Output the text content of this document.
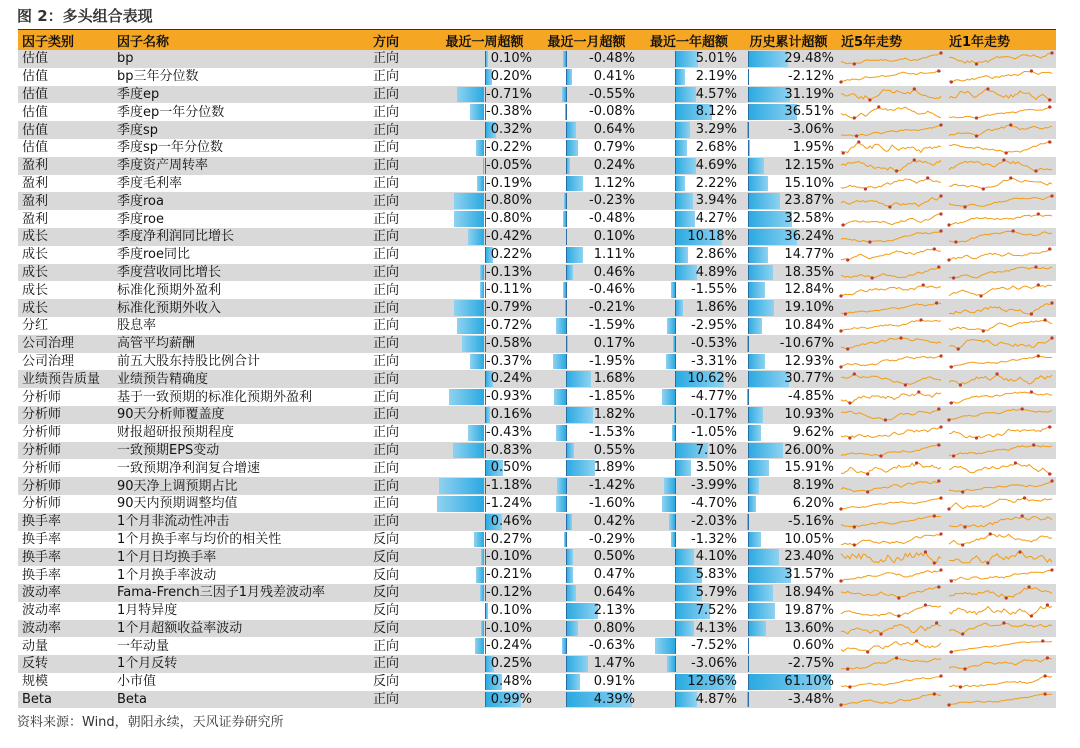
图 2：多头组合表现
因子类别	因子名称	方向	最近一周超额	最近一月超额	最近一年超额	历史累计超额	近5年走势	近1年走势
估值	bp	正向	0.10%	-0.48%	5.01%	29.48%

估值	bp三年分位数	正向	0.20%	0.41%	2.19%	-2.12%

估值	季度ep	正向	-0.71%	-0.55%	4.57%	31.19%

估值	季度ep一年分位数	正向	-0.38%	-0.08%	8.12%	36.51%

估值	季度sp	正向	0.32%	0.64%	3.29%	-3.06%

估值	季度sp一年分位数	正向	-0.22%	0.79%	2.68%	1.95%

盈利	季度资产周转率	正向	-0.05%	0.24%	4.69%	12.15%

盈利	季度毛利率	正向	-0.19%	1.12%	2.22%	15.10%

盈利	季度roa	正向	-0.80%	-0.23%	3.94%	23.87%

盈利	季度roe	正向	-0.80%	-0.48%	4.27%	32.58%

成长	季度净利润同比增长	正向	-0.42%	0.10%	10.18%	36.24%

成长	季度roe同比	正向	0.22%	1.11%	2.86%	14.77%

成长	季度营收同比增长	正向	-0.13%	0.46%	4.89%	18.35%

成长	标准化预期外盈利	正向	-0.11%	-0.46%	-1.55%	12.84%

成长	标准化预期外收入	正向	-0.79%	-0.21%	1.86%	19.10%

分红	股息率	正向	-0.72%	-1.59%	-2.95%	10.84%

公司治理	高管平均薪酬	正向	-0.58%	0.17%	-0.53%	-10.67%

公司治理	前五大股东持股比例合计	正向	-0.37%	-1.95%	-3.31%	12.93%

业绩预告质量	业绩预告精确度	正向	0.24%	1.68%	10.62%	30.77%

分析师	基于一致预期的标准化预期外盈利	正向	-0.93%	-1.85%	-4.77%	-4.85%

分析师	90天分析师覆盖度	正向	0.16%	1.82%	-0.17%	10.93%

分析师	财报超研报预期程度	正向	-0.43%	-1.53%	-1.05%	9.62%

分析师	一致预期EPS变动	正向	-0.83%	0.55%	7.10%	26.00%

分析师	一致预期净利润复合增速	正向	0.50%	1.89%	3.50%	15.91%

分析师	90天净上调预期占比	正向	-1.18%	-1.42%	-3.99%	8.19%

分析师	90天内预期调整均值	正向	-1.24%	-1.60%	-4.70%	6.20%

换手率	1个月非流动性冲击	正向	0.46%	0.42%	-2.03%	-5.16%

换手率	1个月换手率与均价的相关性	反向	-0.27%	-0.29%	-1.32%	10.05%

换手率	1个月日均换手率	反向	-0.10%	0.50%	4.10%	23.40%

换手率	1个月换手率波动	反向	-0.21%	0.47%	5.83%	31.57%

波动率	Fama-French三因子1月残差波动率	反向	-0.12%	0.64%	5.79%	18.94%

波动率	1月特异度	反向	0.10%	2.13%	7.52%	19.87%

波动率	1个月超额收益率波动	反向	-0.10%	0.80%	4.13%	13.60%

动量	一年动量	正向	-0.24%	-0.63%	-7.52%	0.60%

反转	1个月反转	正向	0.25%	1.47%	-3.06%	-2.75%

规模	小市值	反向	0.48%	0.91%	12.96%	61.10%

Beta	Beta	正向	0.99%	4.39%	4.87%	-3.48%

资料来源：Wind，朝阳永续，天风证券研究所
